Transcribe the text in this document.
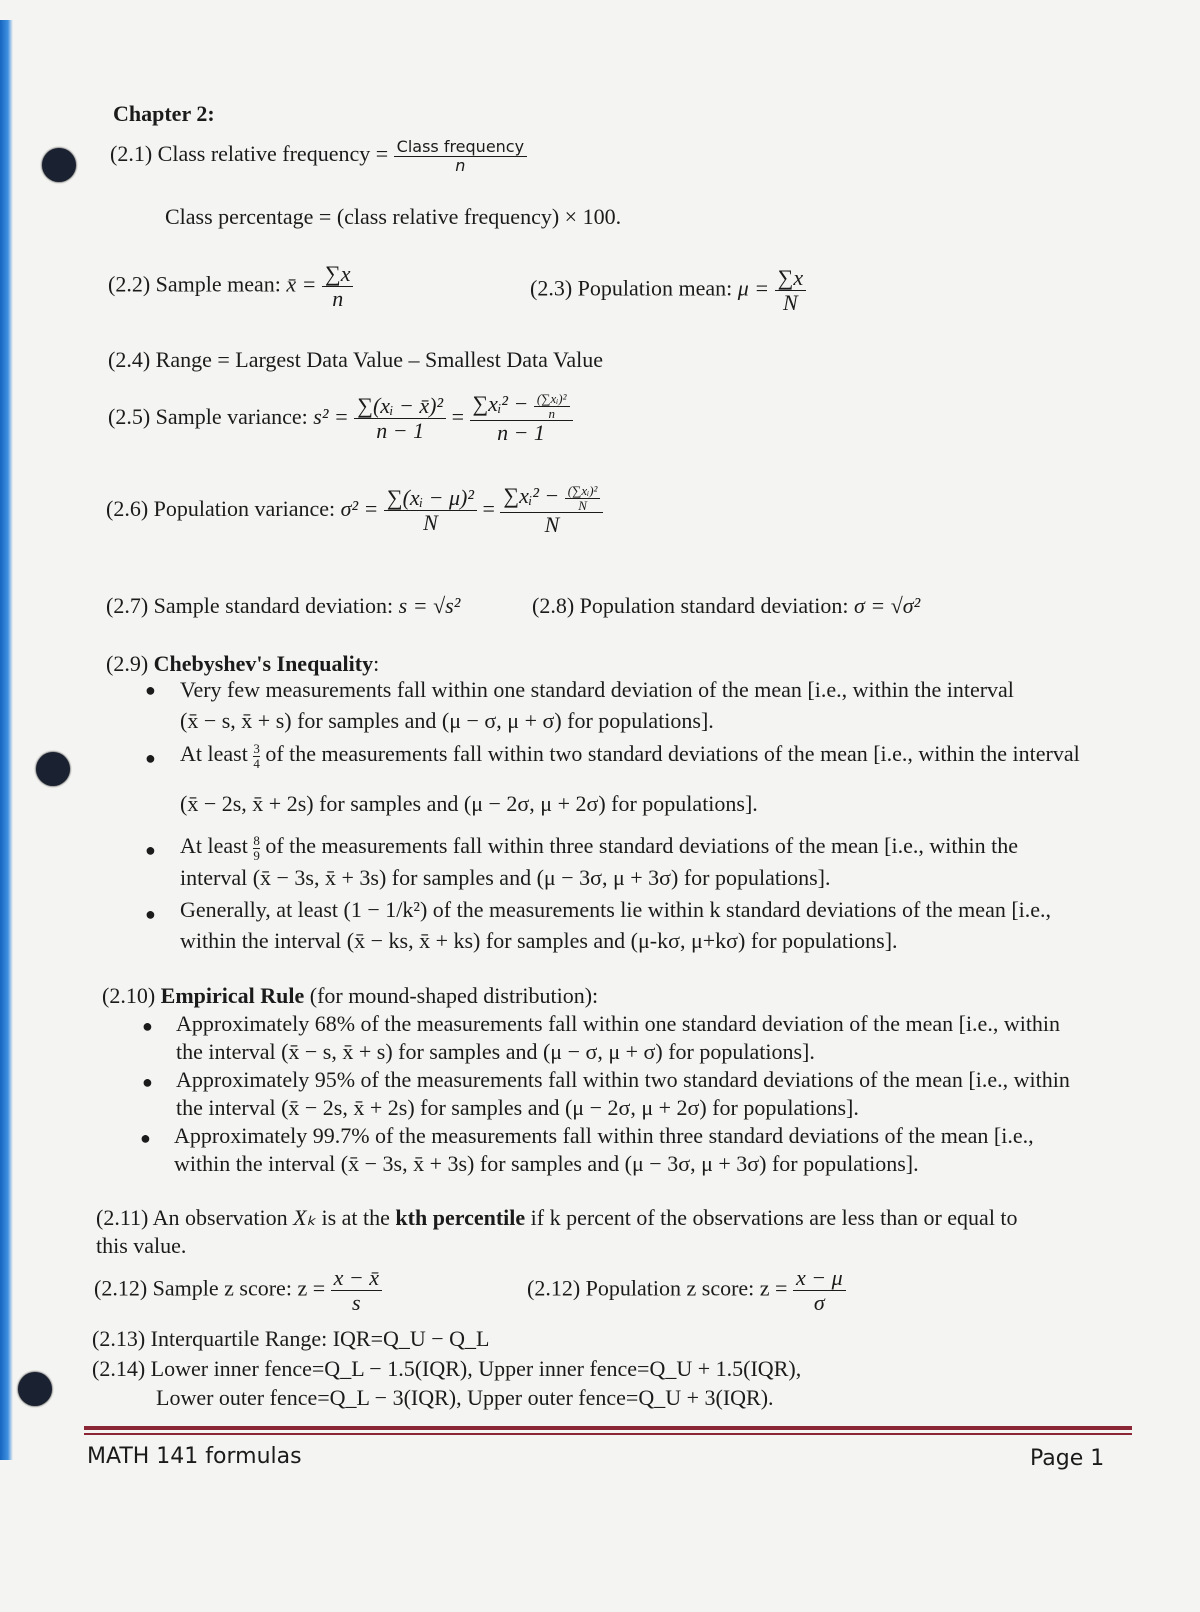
Chapter 2:
(2.1) Class relative frequency = $\frac{\text{Class frequency}}{n}$
Class percentage = (class relative frequency) × 100.
(2.2) Sample mean: x̄ = $\frac{\sum x}{n}$	(2.3) Population mean: $\mu = \frac{\sum x}{N}$
(2.4) Range = Largest Data Value – Smallest Data Value
(2.5) Sample variance: $s^2 = \frac{\text{∑(xᵢ − x̄)²}}{n - 1} = \frac{\sum xᵢ^2 - \frac{\text{(∑xᵢ)²}}{n}}{n - 1}$
(2.6) Population variance: $\sigma^2 = \frac{\text{∑(xᵢ − μ)²}}{N} = \frac{\sum xᵢ^2 - \frac{\text{(∑xᵢ)²}}{N}}{N}$
(2.7) Sample standard deviation: s = √s²	(2.8) Population standard deviation: σ = √σ²
(2.9) Chebyshev's Inequality:
● Very few measurements fall within one standard deviation of the mean [i.e., within the interval
(x̄ − s, x̄ + s) for samples and (μ − σ, μ + σ) for populations].
● At least $\frac{3}{4}$ of the measurements fall within two standard deviations of the mean [i.e., within the interval
(x̄ − 2s, x̄ + 2s) for samples and (μ − 2σ, μ + 2σ) for populations].
● At least $\frac{8}{9}$ of the measurements fall within three standard deviations of the mean [i.e., within the
interval (x̄ − 3s, x̄ + 3s) for samples and (μ − 3σ, μ + 3σ) for populations].
● Generally, at least (1 − 1/k²) of the measurements lie within k standard deviations of the mean [i.e.,
within the interval (x̄ − ks, x̄ + ks) for samples and (μ-kσ, μ+kσ) for populations].
(2.10) Empirical Rule (for mound-shaped distribution):
● Approximately 68% of the measurements fall within one standard deviation of the mean [i.e., within
the interval (x̄ − s, x̄ + s) for samples and (μ − σ, μ + σ) for populations].
● Approximately 95% of the measurements fall within two standard deviations of the mean [i.e., within
the interval (x̄ − 2s, x̄ + 2s) for samples and (μ − 2σ, μ + 2σ) for populations].
● Approximately 99.7% of the measurements fall within three standard deviations of the mean [i.e.,
within the interval (x̄ − 3s, x̄ + 3s) for samples and (μ − 3σ, μ + 3σ) for populations].
(2.11) An observation Xₖ is at the kth percentile if k percent of the observations are less than or equal to
this value.
(2.12) Sample z score: $z = \frac{x - x̄}{s}$	(2.12) Population z score: $z = \frac{x - \mu}{\sigma}$
(2.13) Interquartile Range: IQR=Q_U − Q_L
(2.14) Lower inner fence=Q_L − 1.5(IQR), Upper inner fence=Q_U + 1.5(IQR),
Lower outer fence=Q_L − 3(IQR), Upper outer fence=Q_U + 3(IQR).
MATH 141 formulas	Page 1
